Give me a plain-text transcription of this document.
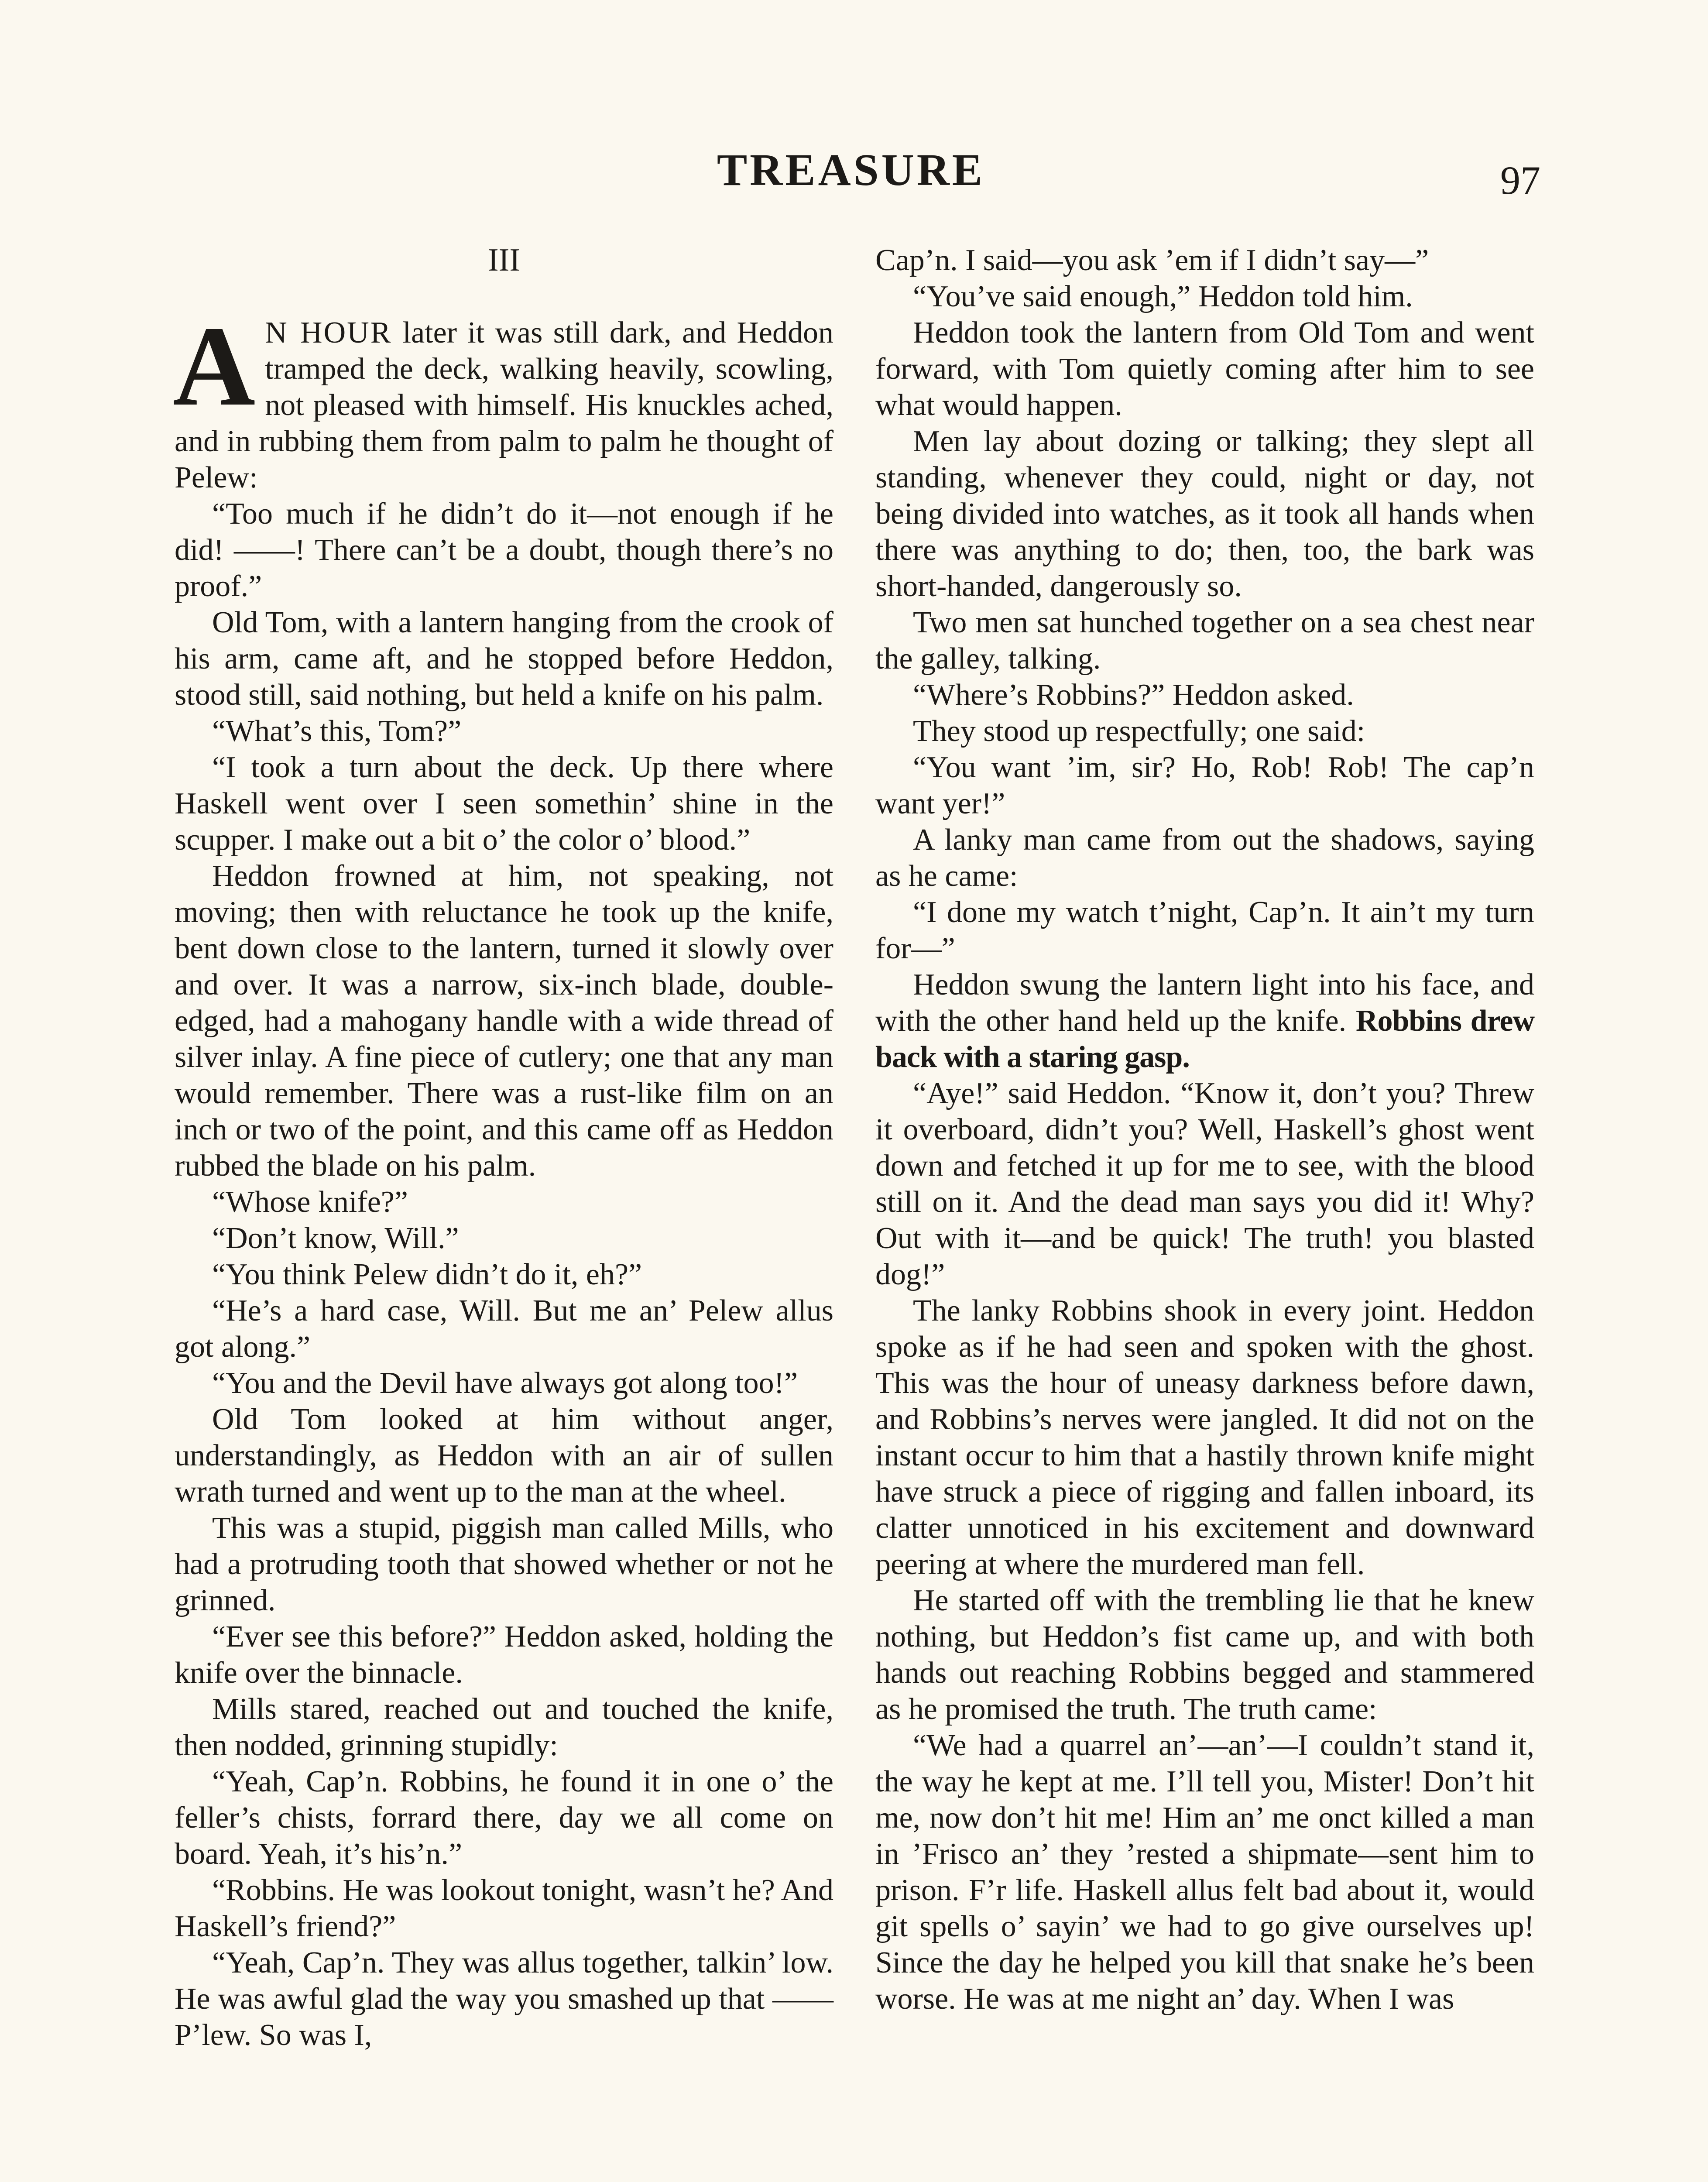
TREASURE	97
III

A N HOUR later it was still dark, and Heddon tramped the deck, walking heavily, scowling, not pleased with himself. His knuckles ached, and in rubbing them from palm to palm he thought of Pelew:

“Too much if he didn’t do it—not enough if he did! ——! There can’t be a doubt, though there’s no proof.”

Old Tom, with a lantern hanging from the crook of his arm, came aft, and he stopped before Heddon, stood still, said nothing, but held a knife on his palm.

“What’s this, Tom?”

“I took a turn about the deck. Up there where Haskell went over I seen somethin’ shine in the scupper. I make out a bit o’ the color o’ blood.”

Heddon frowned at him, not speaking, not moving; then with reluctance he took up the knife, bent down close to the lantern, turned it slowly over and over. It was a narrow, six-inch blade, double-edged, had a mahogany handle with a wide thread of silver inlay. A fine piece of cutlery; one that any man would remember. There was a rust-like film on an inch or two of the point, and this came off as Heddon rubbed the blade on his palm.

“Whose knife?”

“Don’t know, Will.”

“You think Pelew didn’t do it, eh?”

“He’s a hard case, Will. But me an’ Pelew allus got along.”

“You and the Devil have always got along too!”

Old Tom looked at him without anger, understandingly, as Heddon with an air of sullen wrath turned and went up to the man at the wheel.

This was a stupid, piggish man called Mills, who had a protruding tooth that showed whether or not he grinned.

“Ever see this before?” Heddon asked, holding the knife over the binnacle.

Mills stared, reached out and touched the knife, then nodded, grinning stupidly:

“Yeah, Cap’n. Robbins, he found it in one o’ the feller’s chists, forrard there, day we all come on board. Yeah, it’s his’n.”

“Robbins. He was lookout tonight, wasn’t he? And Haskell’s friend?”

“Yeah, Cap’n. They was allus together, talkin’ low. He was awful glad the way you smashed up that —— P’lew. So was I,

Cap’n. I said—you ask ’em if I didn’t say—”

“You’ve said enough,” Heddon told him.

Heddon took the lantern from Old Tom and went forward, with Tom quietly coming after him to see what would happen.

Men lay about dozing or talking; they slept all standing, whenever they could, night or day, not being divided into watches, as it took all hands when there was anything to do; then, too, the bark was short-handed, dangerously so.

Two men sat hunched together on a sea chest near the galley, talking.

“Where’s Robbins?” Heddon asked.

They stood up respectfully; one said:

“You want ’im, sir? Ho, Rob! Rob! The cap’n want yer!”

A lanky man came from out the shadows, saying as he came:

“I done my watch t’night, Cap’n. It ain’t my turn for—”

Heddon swung the lantern light into his face, and with the other hand held up the knife. Robbins drew back with a staring gasp.

“Aye!” said Heddon. “Know it, don’t you? Threw it overboard, didn’t you? Well, Haskell’s ghost went down and fetched it up for me to see, with the blood still on it. And the dead man says you did it! Why? Out with it—and be quick! The truth! you blasted dog!”

The lanky Robbins shook in every joint. Heddon spoke as if he had seen and spoken with the ghost. This was the hour of uneasy darkness before dawn, and Robbins’s nerves were jangled. It did not on the instant occur to him that a hastily thrown knife might have struck a piece of rigging and fallen inboard, its clatter unnoticed in his excitement and downward peering at where the murdered man fell.

He started off with the trembling lie that he knew nothing, but Heddon’s fist came up, and with both hands out reaching Robbins begged and stammered as he promised the truth. The truth came:

“We had a quarrel an’—an’—I couldn’t stand it, the way he kept at me. I’ll tell you, Mister! Don’t hit me, now don’t hit me! Him an’ me onct killed a man in ’Frisco an’ they ’rested a shipmate—sent him to prison. F’r life. Haskell allus felt bad about it, would git spells o’ sayin’ we had to go give ourselves up! Since the day he helped you kill that snake he’s been worse. He was at me night an’ day. When I was
